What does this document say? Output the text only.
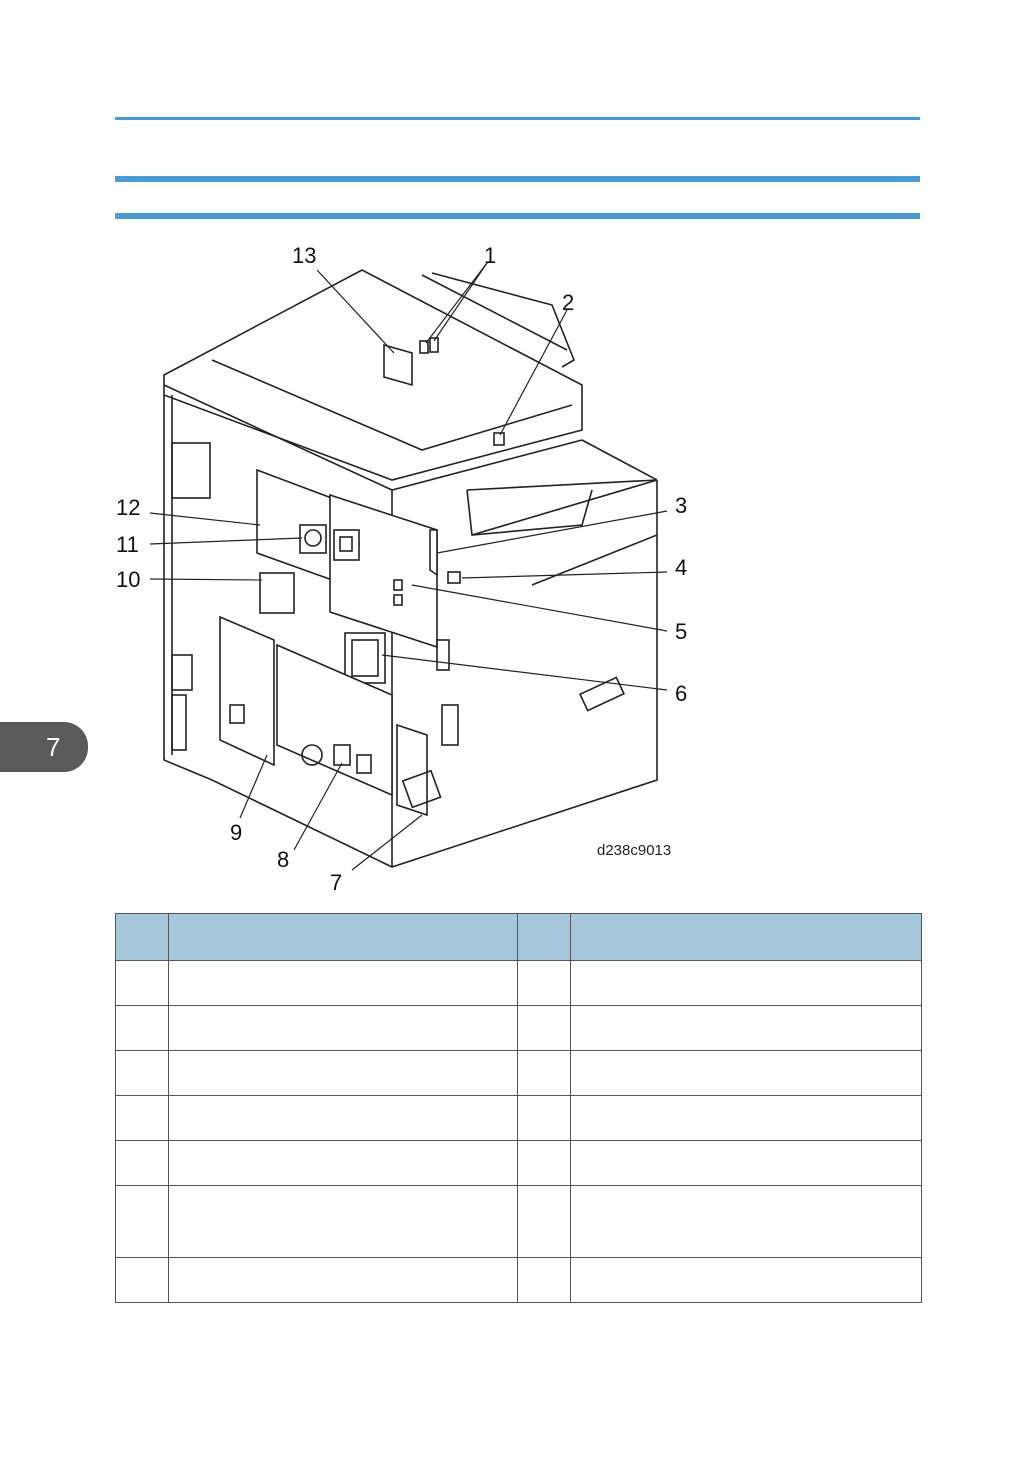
7
13	1
2
3
4
5
6
7
8
9
10
11
12
d238c9013
